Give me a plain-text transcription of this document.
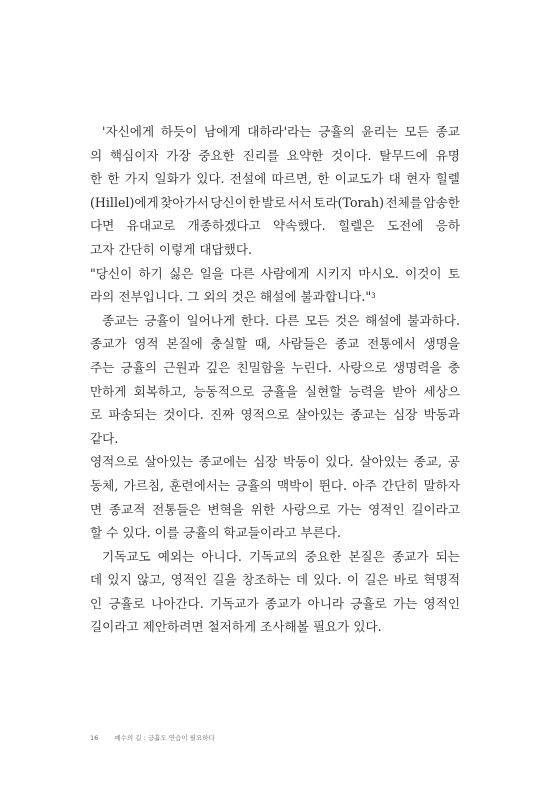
'자신에게 하듯이 남에게 대하라'라는 긍휼의 윤리는 모든 종교
의 핵심이자 가장 중요한 진리를 요약한 것이다. 탈무드에 유명
한 한 가지 일화가 있다. 전설에 따르면, 한 이교도가 대 현자 힐렐
(Hillel)에게 찾아가서 당신이 한 발로 서서 토라(Torah) 전체를 암송한
다면 유대교로 개종하겠다고 약속했다. 힐렐은 도전에 응하
고자 간단히 이렇게 대답했다.
"당신이 하기 싫은 일을 다른 사람에게 시키지 마시오. 이것이 토
라의 전부입니다. 그 외의 것은 해설에 불과합니다." 3
종교는 긍휼이 일어나게 한다. 다른 모든 것은 해설에 불과하다.
종교가 영적 본질에 충실할 때, 사람들은 종교 전통에서 생명을
주는 긍휼의 근원과 깊은 친밀함을 누린다. 사랑으로 생명력을 충
만하게 회복하고, 능동적으로 긍휼을 실현할 능력을 받아 세상으
로 파송되는 것이다. 진짜 영적으로 살아있는 종교는 심장 박동과
같다.
영적으로 살아있는 종교에는 심장 박동이 있다. 살아있는 종교, 공
동체, 가르침, 훈련에서는 긍휼의 맥박이 뛴다. 아주 간단히 말하자
면 종교적 전통들은 변혁을 위한 사랑으로 가는 영적인 길이라고
할 수 있다. 이를 긍휼의 학교들이라고 부른다.
기독교도 예외는 아니다. 기독교의 중요한 본질은 종교가 되는
데 있지 않고, 영적인 길을 창조하는 데 있다. 이 길은 바로 혁명적
인 긍휼로 나아간다. 기독교가 종교가 아니라 긍휼로 가는 영적인
길이라고 제안하려면 철저하게 조사해볼 필요가 있다.
16 예수의 길 : 긍휼도 연습이 필요하다
